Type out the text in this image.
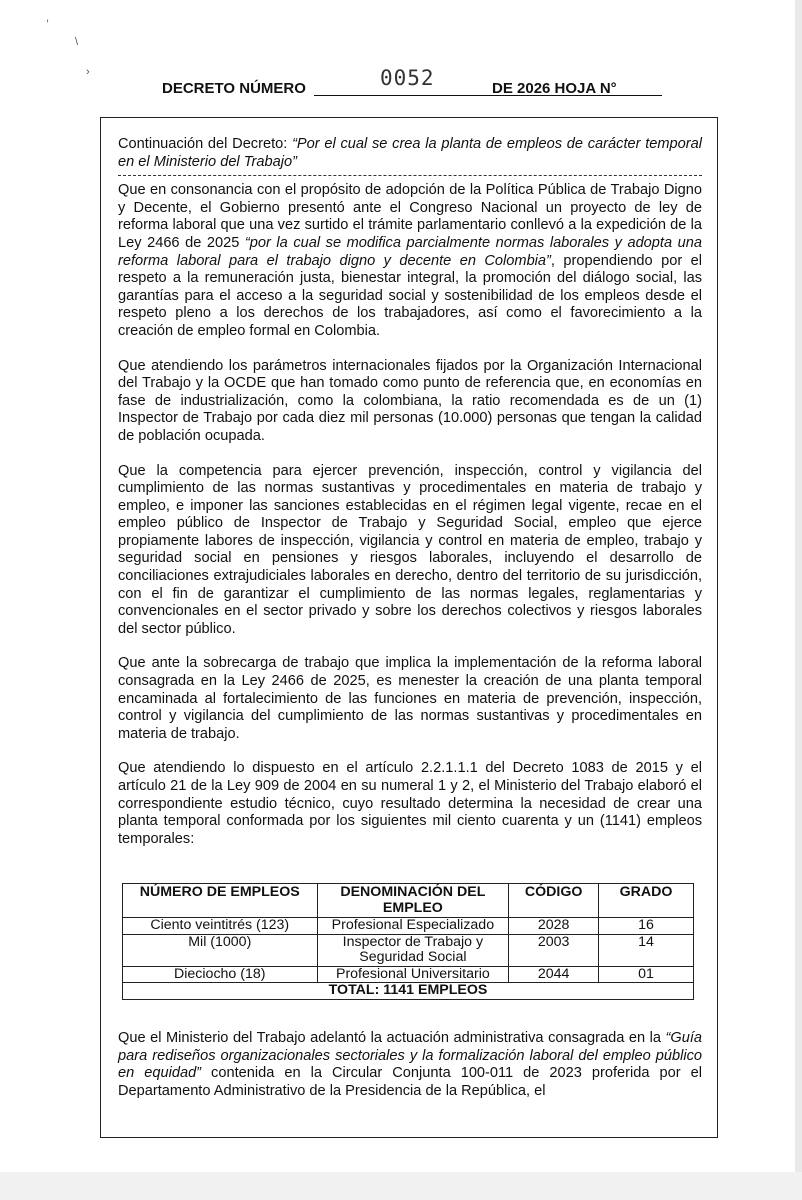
,
\
›
DECRETO NÚMERO	0052	DE 2026 HOJA N°

Continuación del Decreto: “Por el cual se crea la planta de empleos de carácter temporal en el Ministerio del Trabajo”

Que en consonancia con el propósito de adopción de la Política Pública de Trabajo Digno y Decente, el Gobierno presentó ante el Congreso Nacional un proyecto de ley de reforma laboral que una vez surtido el trámite parlamentario conllevó a la expedición de la Ley 2466 de 2025 “por la cual se modifica parcialmente normas laborales y adopta una reforma laboral para el trabajo digno y decente en Colombia”, propendiendo por el respeto a la remuneración justa, bienestar integral, la promoción del diálogo social, las garantías para el acceso a la seguridad social y sostenibilidad de los empleos desde el respeto pleno a los derechos de los trabajadores, así como el favorecimiento a la creación de empleo formal en Colombia.

Que atendiendo los parámetros internacionales fijados por la Organización Internacional del Trabajo y la OCDE que han tomado como punto de referencia que, en economías en fase de industrialización, como la colombiana, la ratio recomendada es de un (1) Inspector de Trabajo por cada diez mil personas (10.000) personas que tengan la calidad de población ocupada.

Que la competencia para ejercer prevención, inspección, control y vigilancia del cumplimiento de las normas sustantivas y procedimentales en materia de trabajo y empleo, e imponer las sanciones establecidas en el régimen legal vigente, recae en el empleo público de Inspector de Trabajo y Seguridad Social, empleo que ejerce propiamente labores de inspección, vigilancia y control en materia de empleo, trabajo y seguridad social en pensiones y riesgos laborales, incluyendo el desarrollo de conciliaciones extrajudiciales laborales en derecho, dentro del territorio de su jurisdicción, con el fin de garantizar el cumplimiento de las normas legales, reglamentarias y convencionales en el sector privado y sobre los derechos colectivos y riesgos laborales del sector público.

Que ante la sobrecarga de trabajo que implica la implementación de la reforma laboral consagrada en la Ley 2466 de 2025, es menester la creación de una planta temporal encaminada al fortalecimiento de las funciones en materia de prevención, inspección, control y vigilancia del cumplimiento de las normas sustantivas y procedimentales en materia de trabajo.

Que atendiendo lo dispuesto en el artículo 2.2.1.1.1 del Decreto 1083 de 2015 y el artículo 21 de la Ley 909 de 2004 en su numeral 1 y 2, el Ministerio del Trabajo elaboró el correspondiente estudio técnico, cuyo resultado determina la necesidad de crear una planta temporal conformada por los siguientes mil ciento cuarenta y un (1141) empleos temporales:

NÚMERO DE EMPLEOS	DENOMINACIÓN DEL EMPLEO	CÓDIGO	GRADO
Ciento veintitrés (123)	Profesional Especializado	2028	16
Mil (1000)	Inspector de Trabajo y Seguridad Social	2003	14
Dieciocho (18)	Profesional Universitario	2044	01
TOTAL: 1141 EMPLEOS			

Que el Ministerio del Trabajo adelantó la actuación administrativa consagrada en la “Guía para rediseños organizacionales sectoriales y la formalización laboral del empleo público en equidad” contenida en la Circular Conjunta 100-011 de 2023 proferida por el Departamento Administrativo de la Presidencia de la República, el
